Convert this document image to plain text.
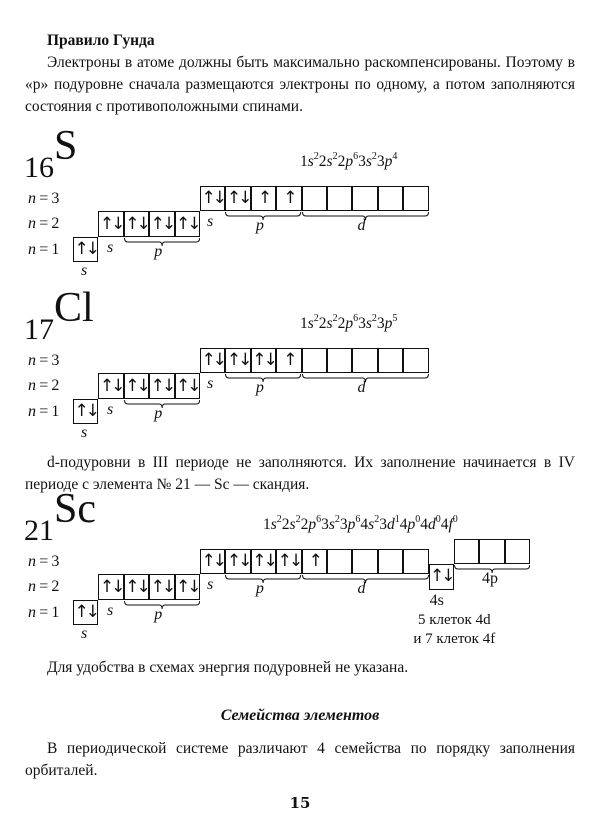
Правило Гунда
Электроны в атоме должны быть максимально раскомпенсированы. Поэтому в «p» подуровне сначала размещаются электроны по одному, а потом заполняются состояния с противоположными спинами.
16S	$1s^22s^22p^63s^23p^4$
n = 3
n = 2
n = 1 ↑↓
s
↑↓ ↑↓ ↑↓ ↑↓
s	p
↑↓ ↑↓ ↑ ↑
s	p	d
17Cl	$1s^22s^22p^63s^23p^5$
n = 3
n = 2
n = 1 ↑↓
s
↑↓ ↑↓ ↑↓ ↑↓
s	p
↑↓ ↑↓ ↑↓ ↑
s	p	d
21Sc	$1s^22s^22p^63s^23p^64s^23d^14p^04d^04f^0$
n = 3
n = 2
n = 1 ↑↓
s
↑↓ ↑↓ ↑↓ ↑↓
s	p
↑↓ ↑↓ ↑↓ ↑↓ ↑
s	p	d
↑↓
4s
4p
5 клеток 4d
и 7 клеток 4f
d-подуровни в III периоде не заполняются. Их заполнение начинается в IV периоде с элемента № 21 — Sc — скандия.
Для удобства в схемах энергия подуровней не указана.
Семейства элементов
В периодической системе различают 4 семейства по порядку заполнения орбиталей.
15
